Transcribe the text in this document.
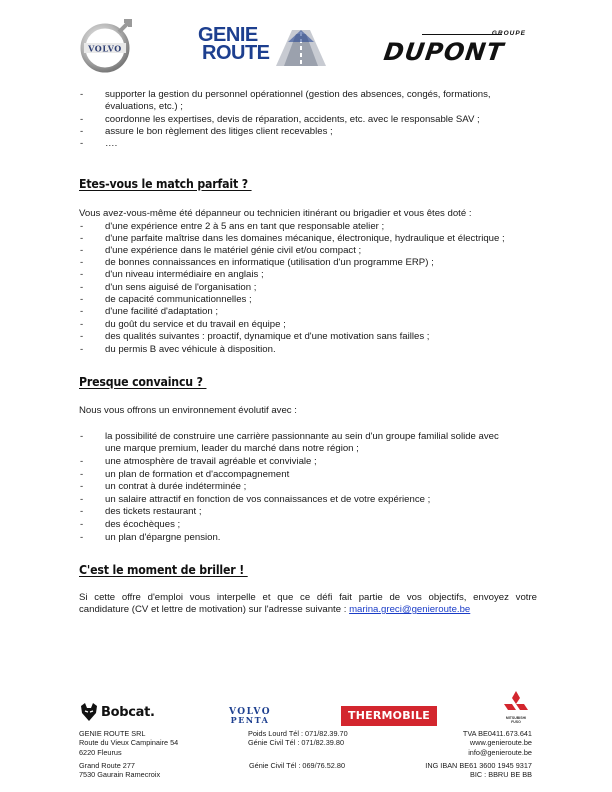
VOLVO
GENIE
ROUTE
GROUPE
DUPONT
- supporter la gestion du personnel opérationnel (gestion des absences, congés, formations,
évaluations, etc.) ;
- coordonne les expertises, devis de réparation, accidents, etc. avec le responsable SAV ;
- assure le bon règlement des litiges client recevables ;
- ….
Etes-vous le match parfait ?
Vous avez-vous-même été dépanneur ou technicien itinérant ou brigadier et vous êtes doté :
- d'une expérience entre 2 à 5 ans en tant que responsable atelier ;
- d'une parfaite maîtrise dans les domaines mécanique, électronique, hydraulique et électrique ;
- d'une expérience dans le matériel génie civil et/ou compact ;
- de bonnes connaissances en informatique (utilisation d'un programme ERP) ;
- d'un niveau intermédiaire en anglais ;
- d'un sens aiguisé de l'organisation ;
- de capacité communicationnelles ;
- d'une facilité d'adaptation ;
- du goût du service et du travail en équipe ;
- des qualités suivantes : proactif, dynamique et d'une motivation sans failles ;
- du permis B avec véhicule à disposition.
Presque convaincu ?
Nous vous offrons un environnement évolutif avec :
- la possibilité de construire une carrière passionnante au sein d'un groupe familial solide avec
une marque premium, leader du marché dans notre région ;
- une atmosphère de travail agréable et conviviale ;
- un plan de formation et d'accompagnement
- un contrat à durée indéterminée ;
- un salaire attractif en fonction de vos connaissances et de votre expérience ;
- des tickets restaurant ;
- des écochèques ;
- un plan d'épargne pension.
C'est le moment de briller !
Si cette offre d'emploi vous interpelle et que ce défi fait partie de vos objectifs, envoyez votre
candidature (CV et lettre de motivation) sur l'adresse suivante : marina.greci@genieroute.be
Bobcat.	VOLVO
PENTA	THERMOBILE	MITSUBISHI
FUSO
GENIE ROUTE SRL
Route du Vieux Campinaire 54
6220 Fleurus
Grand Route 277
7530 Gaurain Ramecroix
Poids Lourd Tél : 071/82.39.70
Génie Civil Tél : 071/82.39.80
Génie Civil Tél : 069/76.52.80
TVA BE0411.673.641
www.genieroute.be
info@genieroute.be
ING IBAN BE61 3600 1945 9317
BIC : BBRU BE BB
